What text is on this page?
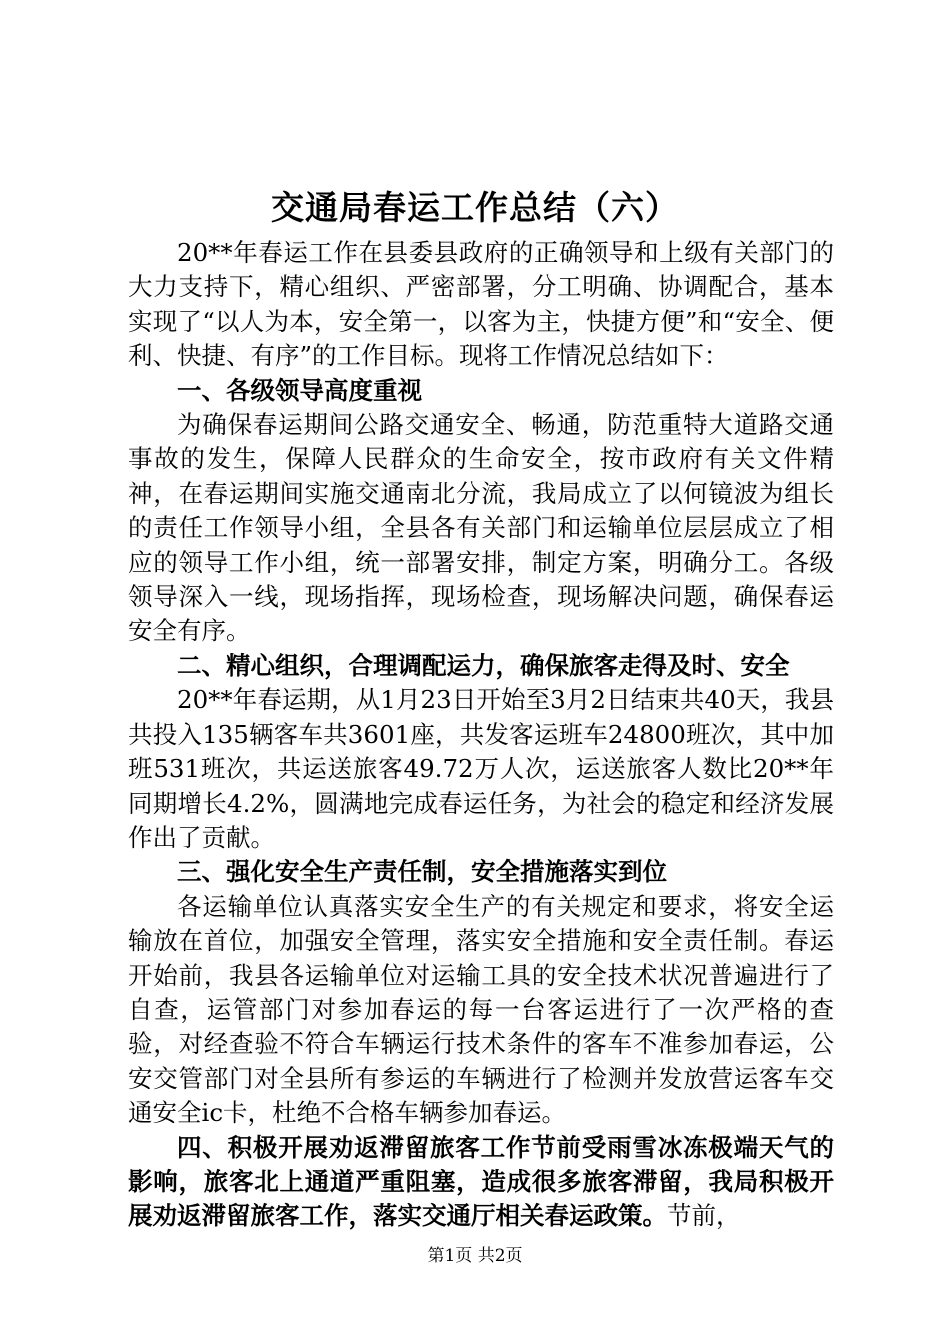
交通局春运工作总结（六）

20**年春运工作在县委县政府的正确领导和上级有关部门的大力支持下，精心组织、严密部署，分工明确、协调配合，基本实现了“以人为本，安全第一，以客为主，快捷方便”和“安全、便利、快捷、有序”的工作目标。现将工作情况总结如下：

一、各级领导高度重视

为确保春运期间公路交通安全、畅通，防范重特大道路交通事故的发生，保障人民群众的生命安全，按市政府有关文件精神，在春运期间实施交通南北分流，我局成立了以何镜波为组长的责任工作领导小组，全县各有关部门和运输单位层层成立了相应的领导工作小组，统一部署安排，制定方案，明确分工。各级领导深入一线，现场指挥，现场检查，现场解决问题，确保春运安全有序。

二、精心组织，合理调配运力，确保旅客走得及时、安全

20**年春运期，从1月23日开始至3月2日结束共40天，我县共投入135辆客车共3601座，共发客运班车24800班次，其中加班531班次，共运送旅客49.72万人次，运送旅客人数比20**年同期增长4.2%，圆满地完成春运任务，为社会的稳定和经济发展作出了贡献。

三、强化安全生产责任制，安全措施落实到位

各运输单位认真落实安全生产的有关规定和要求，将安全运输放在首位，加强安全管理，落实安全措施和安全责任制。春运开始前，我县各运输单位对运输工具的安全技术状况普遍进行了自查，运管部门对参加春运的每一台客运进行了一次严格的查验，对经查验不符合车辆运行技术条件的客车不准参加春运，公安交管部门对全县所有参运的车辆进行了检测并发放营运客车交通安全ic卡，杜绝不合格车辆参加春运。

四、积极开展劝返滞留旅客工作节前受雨雪冰冻极端天气的影响，旅客北上通道严重阻塞，造成很多旅客滞留，我局积极开展劝返滞留旅客工作，落实交通厅相关春运政策。节前，

第1页 共2页
